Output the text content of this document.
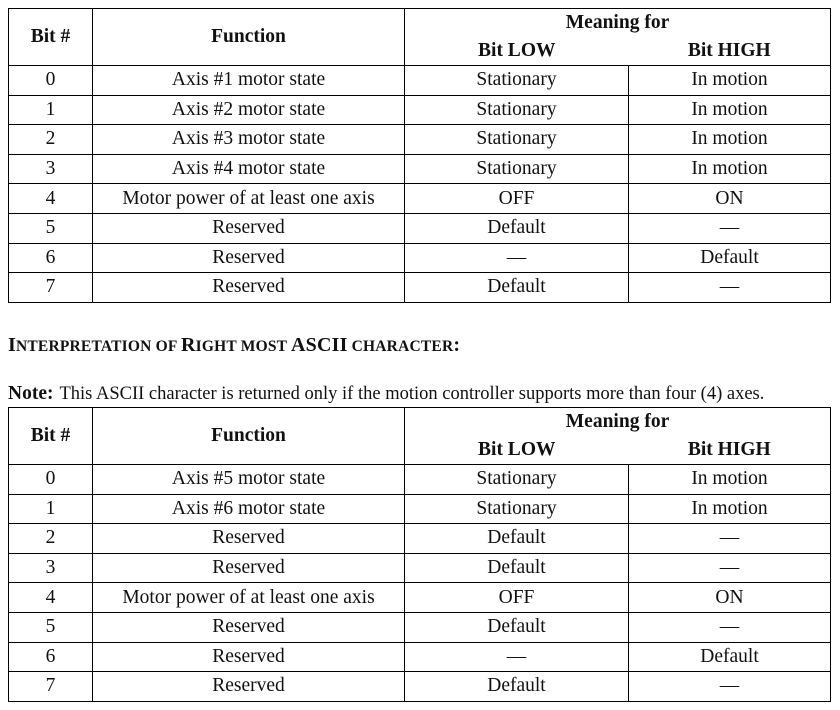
Bit #	Function	Meaning for	
		Bit LOW	Bit HIGH
0	Axis #1 motor state	Stationary	In motion
1	Axis #2 motor state	Stationary	In motion
2	Axis #3 motor state	Stationary	In motion
3	Axis #4 motor state	Stationary	In motion
4	Motor power of at least one axis	OFF	ON
5	Reserved	Default	—
6	Reserved	—	Default
7	Reserved	Default	—
INTERPRETATION OF RIGHT MOST ASCII CHARACTER:
Note: This ASCII character is returned only if the motion controller supports more than four (4) axes.
Bit #	Function	Meaning for	
		Bit LOW	Bit HIGH
0	Axis #5 motor state	Stationary	In motion
1	Axis #6 motor state	Stationary	In motion
2	Reserved	Default	—
3	Reserved	Default	—
4	Motor power of at least one axis	OFF	ON
5	Reserved	Default	—
6	Reserved	—	Default
7	Reserved	Default	—
